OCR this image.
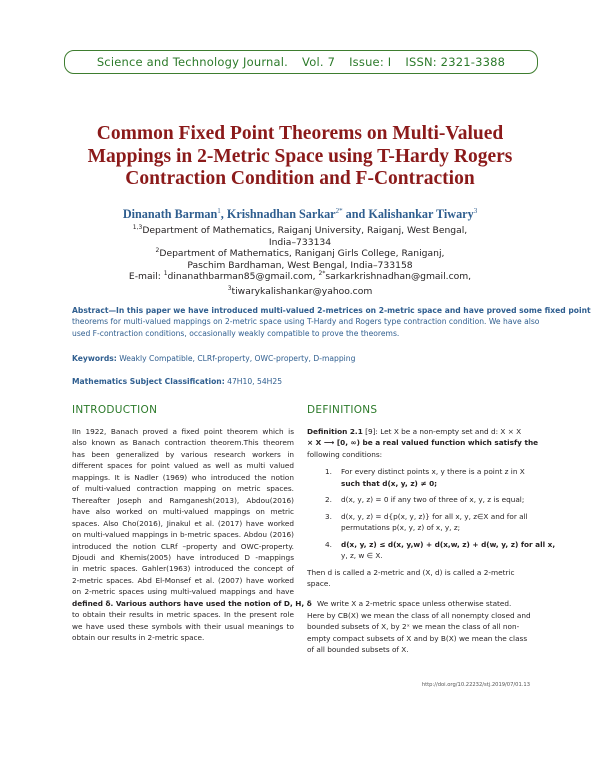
Science and Technology Journal. Vol. 7 Issue: I ISSN: 2321-3388
Common Fixed Point Theorems on Multi-Valued
Mappings in 2-Metric Space using T-Hardy Rogers
Contraction Condition and F-Contraction
Dinanath Barman$^1$, Krishnadhan Sarkar$^{2*}$ and Kalishankar Tiwary$^3$
$^{1,3}$Department of Mathematics, Raiganj University, Raiganj, West Bengal,
India–733134
$^2$Department of Mathematics, Raniganj Girls College, Raniganj,
Paschim Bardhaman, West Bengal, India–733158
E-mail: $^1$dinanathbarman85@gmail.com, $^{2*}$sarkarkrishnadhan@gmail.com,
$^3$tiwarykalishankar@yahoo.com
Abstract—In this paper we have introduced multi-valued 2-metrices on 2-metric space and have proved some fixed point
theorems for multi-valued mappings on 2-metric space using T-Hardy and Rogers type contraction condition. We have also
used F-contraction conditions, occasionally weakly compatible to prove the theorems.
Keywords: Weakly Compatible, CLRf-property, OWC-property, D-mapping
Mathematics Subject Classification: 47H10, 54H25
INTRODUCTION
IIn 1922, Banach proved a fixed point theorem which is
also known as Banach contraction theorem.This theorem
has been generalized by various research workers in
different spaces for point valued as well as multi valued
mappings. It is Nadler (1969) who introduced the notion
of multi-valued contraction mapping on metric spaces.
Thereafter Joseph and Ramganesh(2013), Abdou(2016)
have also worked on multi-valued mappings on metric
spaces. Also Cho(2016), Jinakul et al. (2017) have worked
on multi-valued mappings in b-metric spaces. Abdou (2016)
introduced the notion CLRf –property and OWC-property.
Djoudi and Khemis(2005) have introduced D -mappings
in metric spaces. Gahler(1963) introduced the concept of
2-metric spaces. Abd El-Monsef et al. (2007) have worked
on 2-metric spaces using multi-valued mappings and have
defined δ. Various authors have used the notion of D, H, δ
to obtain their results in metric spaces. In the present role
we have used these symbols with their usual meanings to
obtain our results in 2-metric space.
DEFINITIONS
Definition 2.1 [9]: Let X be a non-empty set and d: X × X
× X ⟶ [0, ∞) be a real valued function which satisfy the
following conditions:
1. For every distinct points x, y there is a point z in X
such that d(x, y, z) ≠ 0;
2. d(x, y, z) = 0 if any two of three of x, y, z is equal;
3. d(x, y, z) = d{p(x, y, z)} for all x, y, z∈X and for all
permutations p(x, y, z) of x, y, z;
4. d(x, y, z) ≤ d(x, y,w) + d(x,w, z) + d(w, y, z) for all x,
y, z, w ∈ X.
Then d is called a 2-metric and (X, d) is called a 2-metric
space.
We write X a 2-metric space unless otherwise stated.
Here by CB(X) we mean the class of all nonempty closed and
bounded subsets of X, by 2ˣ we mean the class of all non-
empty compact subsets of X and by B(X) we mean the class
of all bounded subsets of X.
http://doi.org/10.22232/stj.2019/07/01.13
